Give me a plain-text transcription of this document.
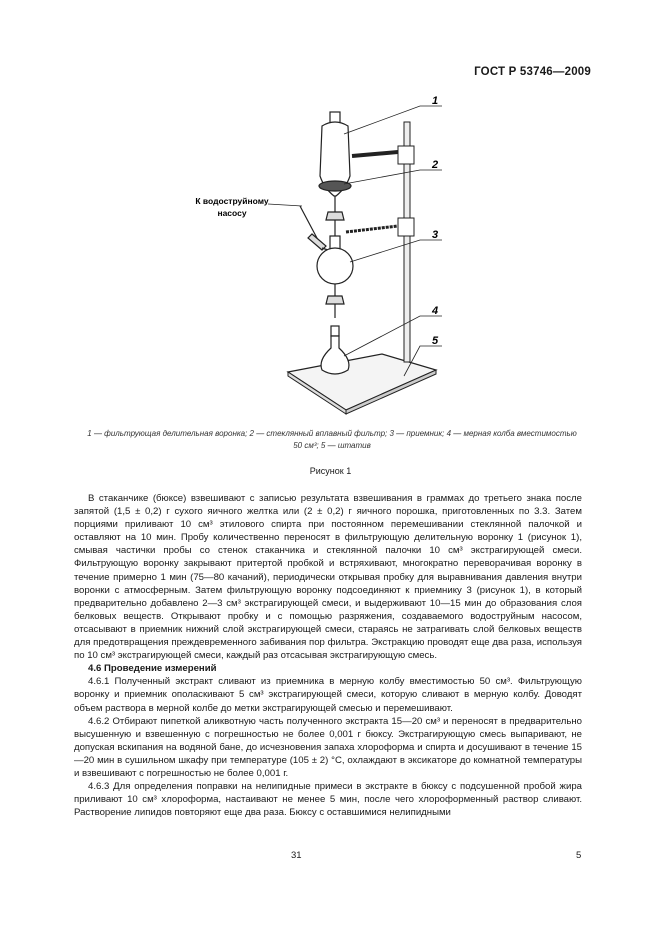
ГОСТ Р 53746—2009
К водоструйному
насосу
1
2
3
4
5
1 — фильтрующая делительная воронка; 2 — стеклянный вплавный фильтр; 3 — приемник; 4 — мерная колба вместимостью
50 см³; 5 — штатив
Рисунок 1

В стаканчике (бюксе) взвешивают с записью результата взвешивания в граммах до третьего знака после запятой (1,5 ± 0,2) г сухого яичного желтка или (2 ± 0,2) г яичного порошка, приготовленных по 3.3. Затем порциями приливают 10 см³ этилового спирта при постоянном перемешивании стеклянной палочкой и оставляют на 10 мин. Пробу количественно переносят в фильтрующую делительную воронку 1 (рисунок 1), смывая частички пробы со стенок стаканчика и стеклянной палочки 10 см³ экстрагирующей смеси. Фильтрующую воронку закрывают притертой пробкой и встряхивают, многократно переворачивая воронку в течение примерно 1 мин (75—80 качаний), периодически открывая пробку для выравнивания давления внутри воронки с атмосферным. Затем фильтрующую воронку подсоединяют к приемнику 3 (рисунок 1), в который предварительно добавлено 2—3 см³ экстрагирующей смеси, и выдерживают 10—15 мин до образования слоя белковых веществ. Открывают пробку и с помощью разряжения, создаваемого водоструйным насосом, отсасывают в приемник нижний слой экстрагирующей смеси, стараясь не затрагивать слой белковых веществ для предотвращения преждевременного забивания пор фильтра. Экстракцию проводят еще два раза, используя по 10 см³ экстрагирующей смеси, каждый раз отсасывая экстрагирующую смесь.

4.6 Проведение измерений

4.6.1 Полученный экстракт сливают из приемника в мерную колбу вместимостью 50 см³. Фильтрующую воронку и приемник ополаскивают 5 см³ экстрагирующей смеси, которую сливают в мерную колбу. Доводят объем раствора в мерной колбе до метки экстрагирующей смесью и перемешивают.

4.6.2 Отбирают пипеткой аликвотную часть полученного экстракта 15—20 см³ и переносят в предварительно высушенную и взвешенную с погрешностью не более 0,001 г бюксу. Экстрагирующую смесь выпаривают, не допуская вскипания на водяной бане, до исчезновения запаха хлороформа и спирта и досушивают в течение 15—20 мин в сушильном шкафу при температуре (105 ± 2) °С, охлаждают в эксикаторе до комнатной температуры и взвешивают с погрешностью не более 0,001 г.

4.6.3 Для определения поправки на нелипидные примеси в экстракте в бюксу с подсушенной пробой жира приливают 10 см³ хлороформа, настаивают не менее 5 мин, после чего хлороформенный раствор сливают. Растворение липидов повторяют еще два раза. Бюксу с оставшимися нелипидными

31	5
